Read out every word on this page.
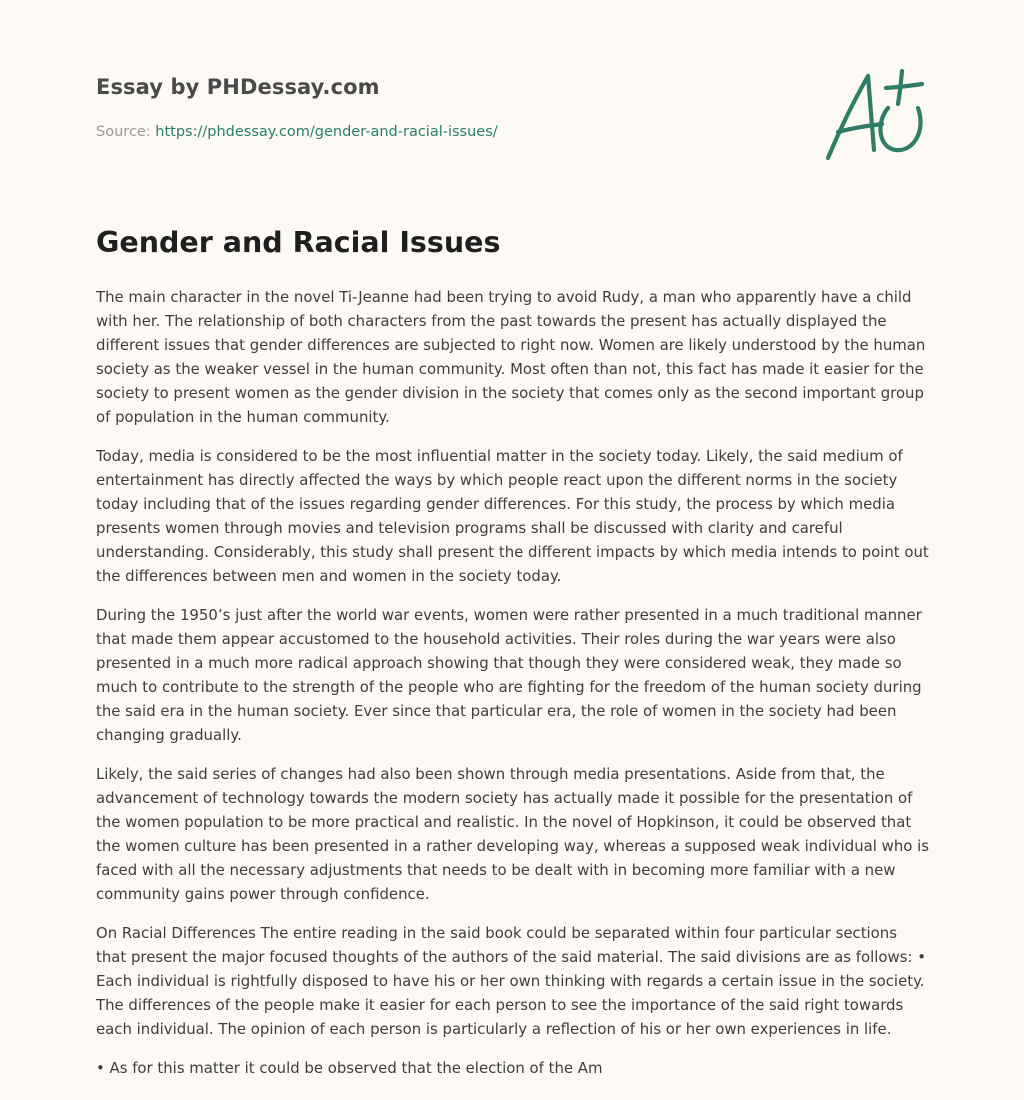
Essay by PHDessay.com
Source: https://phdessay.com/gender-and-racial-issues/
Gender and Racial Issues

The main character in the novel Ti-Jeanne had been trying to avoid Rudy, a man who apparently have a child with her. The relationship of both characters from the past towards the present has actually displayed the different issues that gender differences are subjected to right now. Women are likely understood by the human society as the weaker vessel in the human community. Most often than not, this fact has made it easier for the society to present women as the gender division in the society that comes only as the second important group of population in the human community.

Today, media is considered to be the most influential matter in the society today. Likely, the said medium of entertainment has directly affected the ways by which people react upon the different norms in the society today including that of the issues regarding gender differences. For this study, the process by which media presents women through movies and television programs shall be discussed with clarity and careful understanding. Considerably, this study shall present the different impacts by which media intends to point out the differences between men and women in the society today.

During the 1950’s just after the world war events, women were rather presented in a much traditional manner that made them appear accustomed to the household activities. Their roles during the war years were also presented in a much more radical approach showing that though they were considered weak, they made so much to contribute to the strength of the people who are fighting for the freedom of the human society during the said era in the human society. Ever since that particular era, the role of women in the society had been changing gradually.

Likely, the said series of changes had also been shown through media presentations. Aside from that, the advancement of technology towards the modern society has actually made it possible for the presentation of the women population to be more practical and realistic. In the novel of Hopkinson, it could be observed that the women culture has been presented in a rather developing way, whereas a supposed weak individual who is faced with all the necessary adjustments that needs to be dealt with in becoming more familiar with a new community gains power through confidence.

On Racial Differences The entire reading in the said book could be separated within four particular sections that present the major focused thoughts of the authors of the said material. The said divisions are as follows: • Each individual is rightfully disposed to have his or her own thinking with regards a certain issue in the society. The differences of the people make it easier for each person to see the importance of the said right towards each individual. The opinion of each person is particularly a reflection of his or her own experiences in life.

• As for this matter it could be observed that the election of the Am
